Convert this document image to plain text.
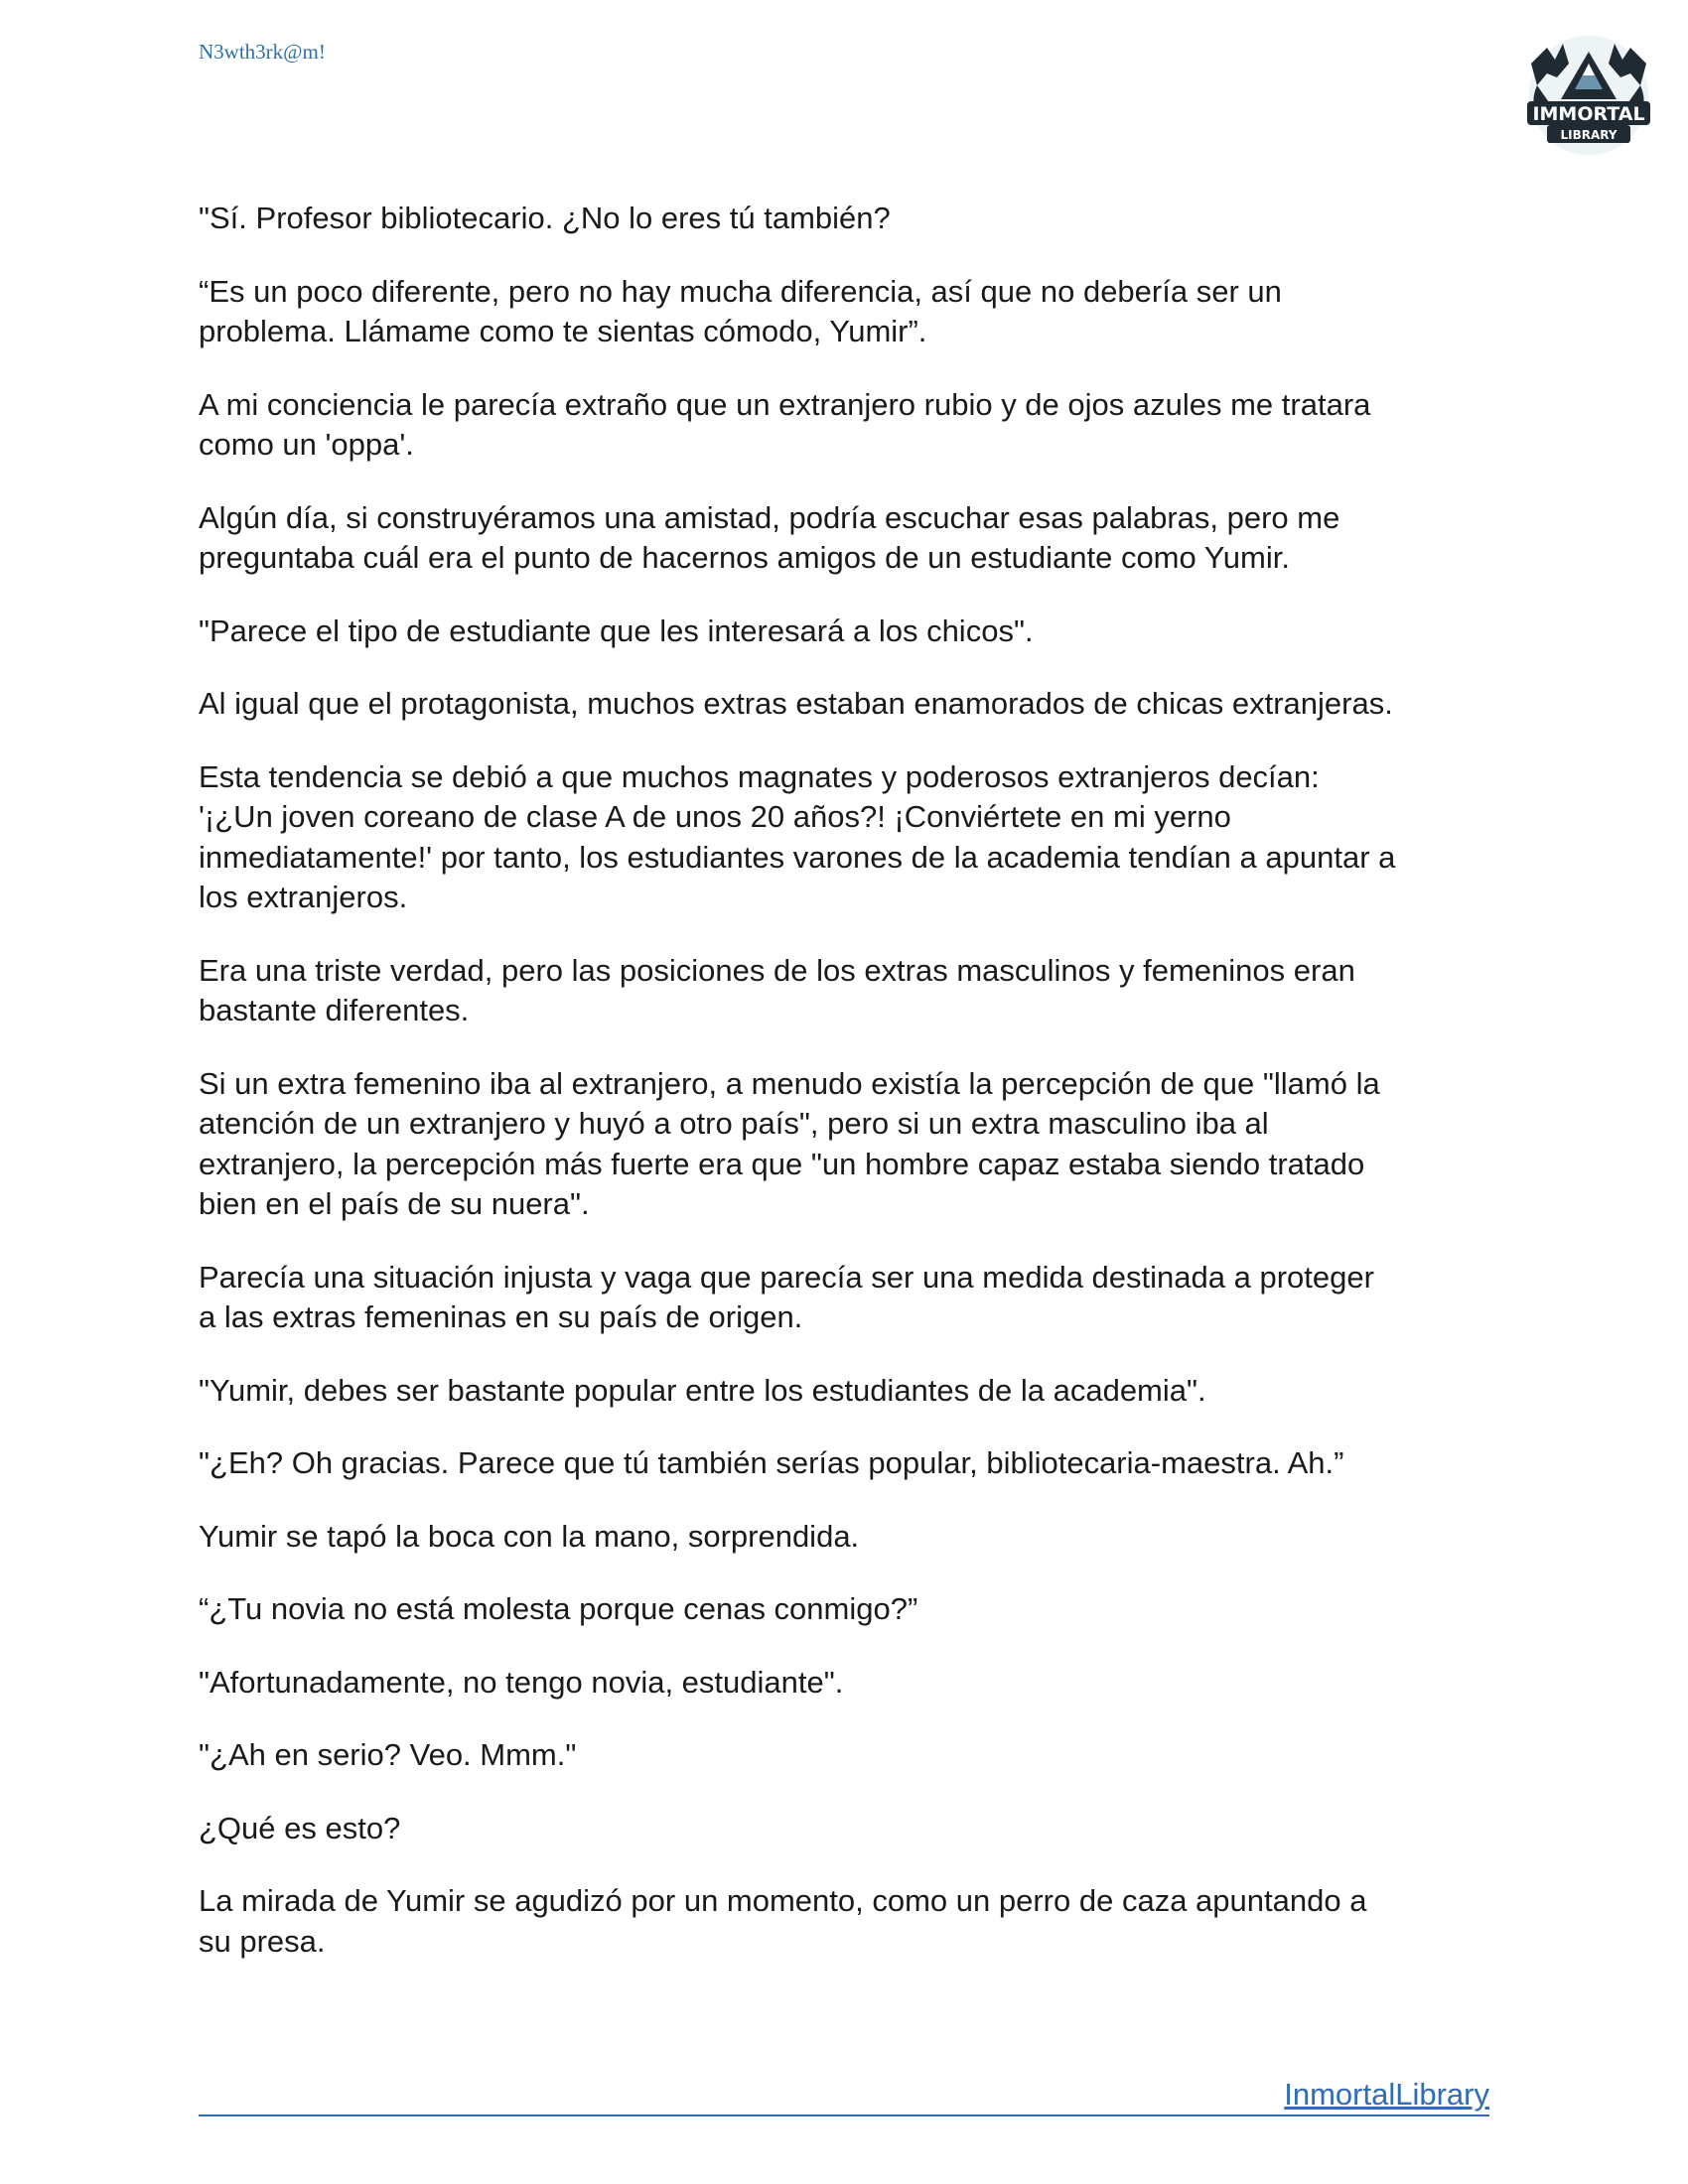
N3wth3rk@m!
IMMORTAL
LIBRARY

"Sí. Profesor bibliotecario. ¿No lo eres tú también?

“Es un poco diferente, pero no hay mucha diferencia, así que no debería ser un
problema. Llámame como te sientas cómodo, Yumir”.

A mi conciencia le parecía extraño que un extranjero rubio y de ojos azules me tratara
como un 'oppa'.

Algún día, si construyéramos una amistad, podría escuchar esas palabras, pero me
preguntaba cuál era el punto de hacernos amigos de un estudiante como Yumir.

"Parece el tipo de estudiante que les interesará a los chicos".

Al igual que el protagonista, muchos extras estaban enamorados de chicas extranjeras.

Esta tendencia se debió a que muchos magnates y poderosos extranjeros decían:
'¡¿Un joven coreano de clase A de unos 20 años?! ¡Conviértete en mi yerno
inmediatamente!' por tanto, los estudiantes varones de la academia tendían a apuntar a
los extranjeros.

Era una triste verdad, pero las posiciones de los extras masculinos y femeninos eran
bastante diferentes.

Si un extra femenino iba al extranjero, a menudo existía la percepción de que "llamó la
atención de un extranjero y huyó a otro país", pero si un extra masculino iba al
extranjero, la percepción más fuerte era que "un hombre capaz estaba siendo tratado
bien en el país de su nuera".

Parecía una situación injusta y vaga que parecía ser una medida destinada a proteger
a las extras femeninas en su país de origen.

"Yumir, debes ser bastante popular entre los estudiantes de la academia".

"¿Eh? Oh gracias. Parece que tú también serías popular, bibliotecaria-maestra. Ah.”

Yumir se tapó la boca con la mano, sorprendida.

“¿Tu novia no está molesta porque cenas conmigo?”

"Afortunadamente, no tengo novia, estudiante".

"¿Ah en serio? Veo. Mmm."

¿Qué es esto?

La mirada de Yumir se agudizó por un momento, como un perro de caza apuntando a
su presa.

InmortalLibrary
